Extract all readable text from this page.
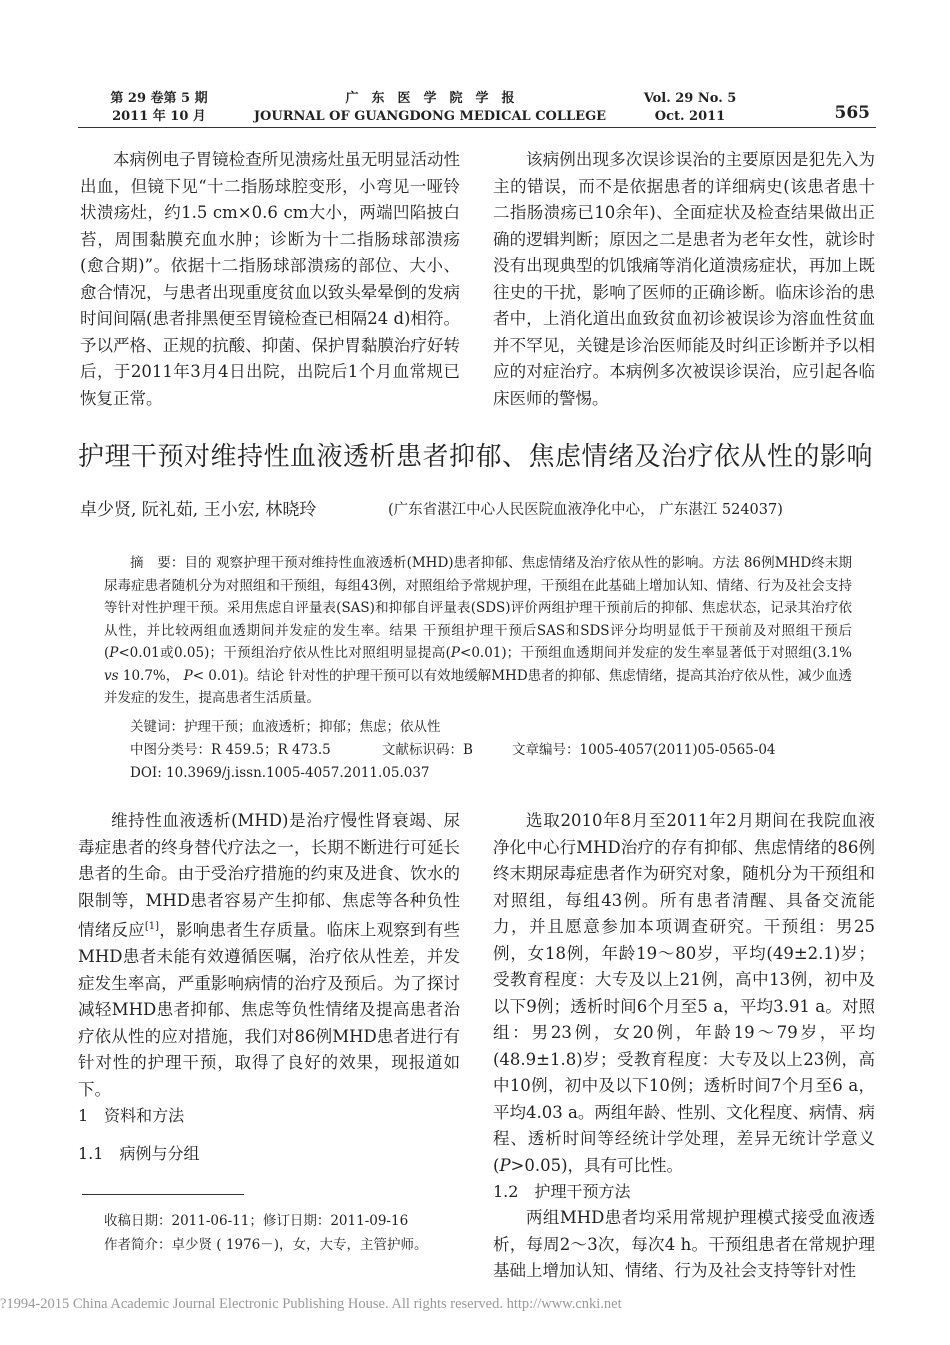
第 29 卷第 5 期
2011 年 10 月
广　东　医　学　院　学　报
JOURNAL OF GUANGDONG MEDICAL COLLEGE
Vol. 29 No. 5
Oct. 2011	565

本病例电子胃镜检查所见溃疡灶虽无明显活动性出血，但镜下见“十二指肠球腔变形，小弯见一哑铃状溃疡灶，约1.5 cm×0.6 cm大小，两端凹陷披白苔，周围黏膜充血水肿；诊断为十二指肠球部溃疡(愈合期)”。依据十二指肠球部溃疡的部位、大小、愈合情况，与患者出现重度贫血以致头晕晕倒的发病时间间隔(患者排黑便至胃镜检查已相隔24 d)相符。予以严格、正规的抗酸、抑菌、保护胃黏膜治疗好转后，于2011年3月4日出院，出院后1个月血常规已恢复正常。

该病例出现多次误诊误治的主要原因是犯先入为主的错误，而不是依据患者的详细病史(该患者患十二指肠溃疡已10余年)、全面症状及检查结果做出正确的逻辑判断；原因之二是患者为老年女性，就诊时没有出现典型的饥饿痛等消化道溃疡症状，再加上既往史的干扰，影响了医师的正确诊断。临床诊治的患者中，上消化道出血致贫血初诊被误诊为溶血性贫血并不罕见，关键是诊治医师能及时纠正诊断并予以相应的对症治疗。本病例多次被误诊误治，应引起各临床医师的警惕。

护理干预对维持性血液透析患者抑郁、焦虑情绪及治疗依从性的影响
卓少贤, 阮礼茹, 王小宏, 林晓玲	(广东省湛江中心人民医院血液净化中心， 广东湛江 524037)
摘　要：目的 观察护理干预对维持性血液透析(MHD)患者抑郁、焦虑情绪及治疗依从性的影响。方法 86例MHD终末期尿毒症患者随机分为对照组和干预组，每组43例，对照组给予常规护理，干预组在此基础上增加认知、情绪、行为及社会支持等针对性护理干预。采用焦虑自评量表(SAS)和抑郁自评量表(SDS)评价两组护理干预前后的抑郁、焦虑状态，记录其治疗依从性，并比较两组血透期间并发症的发生率。结果 干预组护理干预后SAS和SDS评分均明显低于干预前及对照组干预后(P<0.01或0.05)；干预组治疗依从性比对照组明显提高(P<0.01)；干预组血透期间并发症的发生率显著低于对照组(3.1% vs 10.7%， P< 0.01)。结论 针对性的护理干预可以有效地缓解MHD患者的抑郁、焦虑情绪，提高其治疗依从性，减少血透并发症的发生，提高患者生活质量。
关键词：护理干预；血液透析；抑郁；焦虑；依从性
中图分类号：R 459.5；R 473.5	文献标识码：B	文章编号：1005-4057(2011)05-0565-04
DOI: 10.3969/j.issn.1005-4057.2011.05.037

维持性血液透析(MHD)是治疗慢性肾衰竭、尿毒症患者的终身替代疗法之一，长期不断进行可延长患者的生命。由于受治疗措施的约束及进食、饮水的限制等，MHD患者容易产生抑郁、焦虑等各种负性情绪反应[1]，影响患者生存质量。临床上观察到有些MHD患者未能有效遵循医嘱，治疗依从性差，并发症发生率高，严重影响病情的治疗及预后。为了探讨减轻MHD患者抑郁、焦虑等负性情绪及提高患者治疗依从性的应对措施，我们对86例MHD患者进行有针对性的护理干预，取得了良好的效果，现报道如下。

1　资料和方法
1.1　病例与分组

选取2010年8月至2011年2月期间在我院血液净化中心行MHD治疗的存有抑郁、焦虑情绪的86例终末期尿毒症患者作为研究对象，随机分为干预组和对照组，每组43例。所有患者清醒、具备交流能力，并且愿意参加本项调查研究。干预组：男25例，女18例，年龄19～80岁，平均(49±2.1)岁；受教育程度：大专及以上21例，高中13例，初中及以下9例；透析时间6个月至5 a，平均3.91 a。对照组：男23例，女20例，年龄19～79岁，平均(48.9±1.8)岁；受教育程度：大专及以上23例，高中10例，初中及以下10例；透析时间7个月至6 a，平均4.03 a。两组年龄、性别、文化程度、病情、病程、透析时间等经统计学处理，差异无统计学意义(P>0.05)，具有可比性。

1.2　护理干预方法

两组MHD患者均采用常规护理模式接受血液透析，每周2～3次，每次4 h。干预组患者在常规护理基础上增加认知、情绪、行为及社会支持等针对性

收稿日期：2011-06-11；修订日期：2011-09-16
作者简介：卓少贤 ( 1976－)，女，大专，主管护师。
?1994-2015 China Academic Journal Electronic Publishing House. All rights reserved. http://www.cnki.net
